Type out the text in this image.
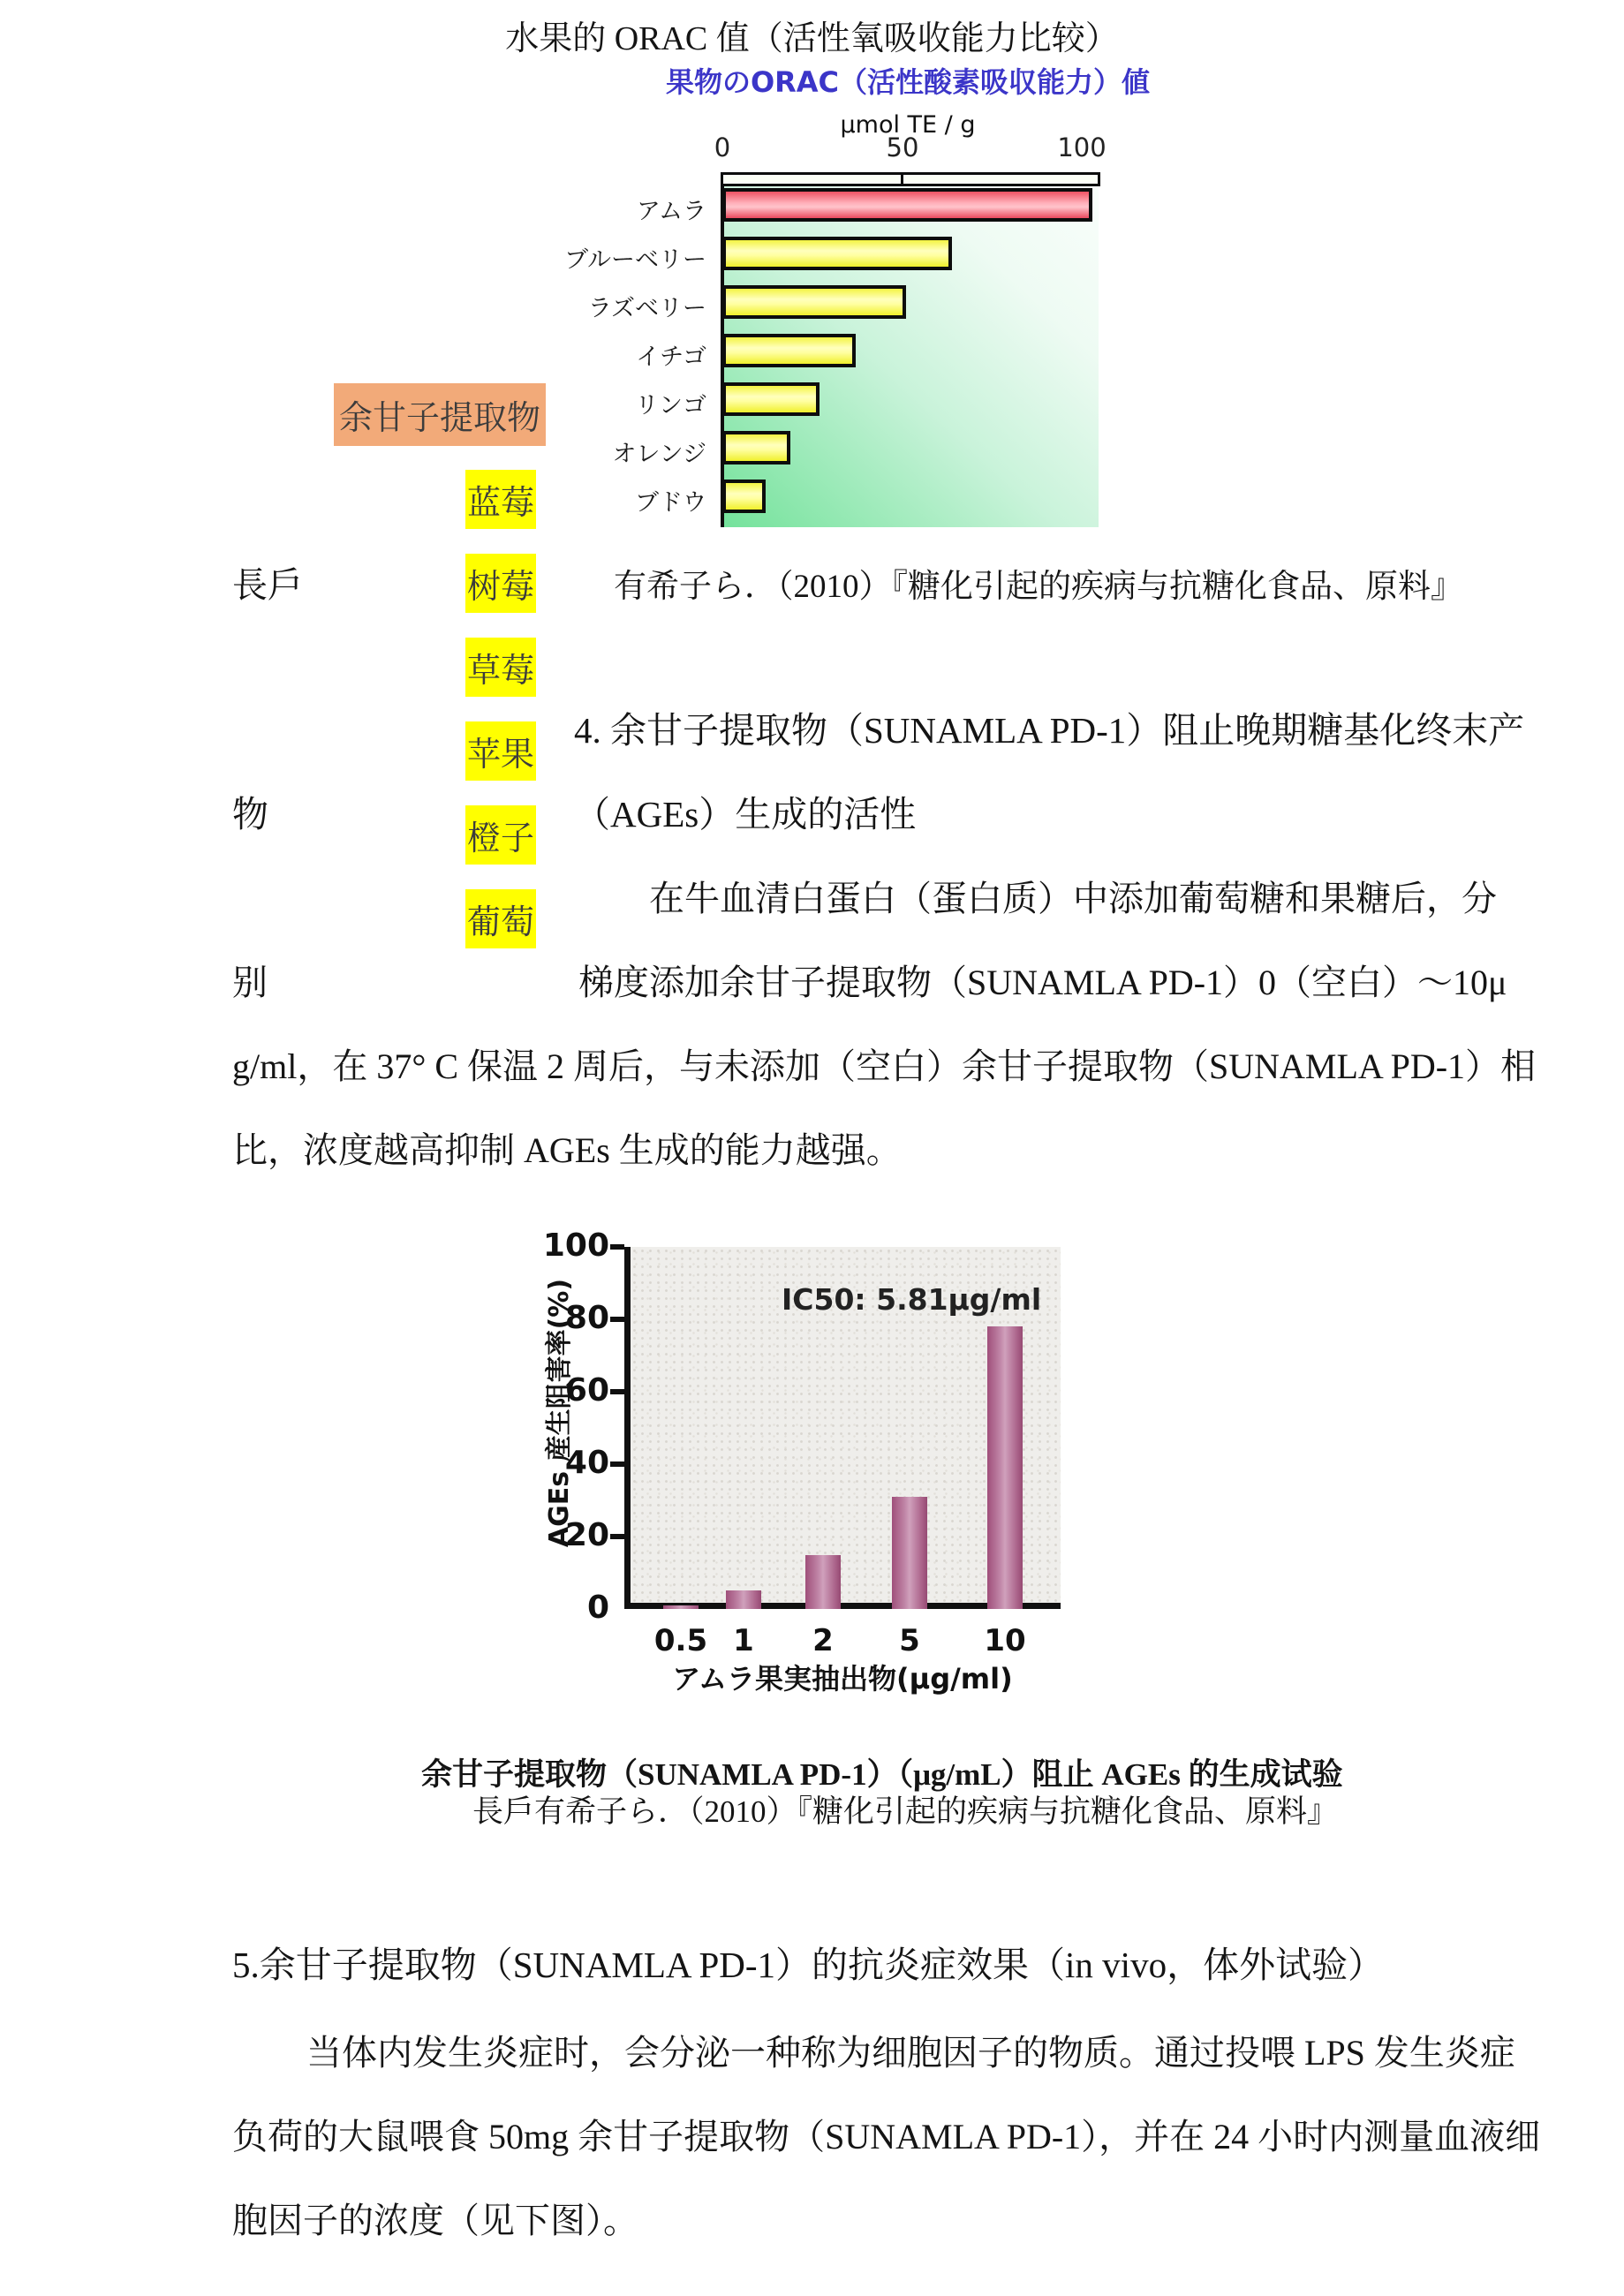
水果的 ORAC 值（活性氧吸收能力比较）
果物のORAC（活性酸素吸収能力）値
μmol TE / g
0	50	100
アムラ
ブルーベリー
ラズベリー
イチゴ
リンゴ
オレンジ
ブドウ
余甘子提取物
蓝莓
树莓
草莓
苹果
橙子
葡萄
長戶	有希子ら．（2010）『糖化引起的疾病与抗糖化食品、原料』
4. 余甘子提取物（SUNAMLA PD-1）阻止晚期糖基化终末产
物	（AGEs）生成的活性
在牛血清白蛋白（蛋白质）中添加葡萄糖和果糖后，分
别	梯度添加余甘子提取物（SUNAMLA PD-1）0（空白）～10μ
g/ml，在 37° C 保温 2 周后，与未添加（空白）余甘子提取物（SUNAMLA PD-1）相
比，浓度越高抑制 AGEs 生成的能力越强。
AGEs 産生阻害率(%)	IC50: 5.81μg/ml
アムラ果実抽出物(μg/ml)
0
20
40
60
80
100
0.5 1 2 5 10
余甘子提取物（SUNAMLA PD-1）（μg/mL）阻止 AGEs 的生成试验
長戶有希子ら．（2010）『糖化引起的疾病与抗糖化食品、原料』
5.余甘子提取物（SUNAMLA PD-1）的抗炎症效果（in vivo，体外试验）
当体内发生炎症时，会分泌一种称为细胞因子的物质。通过投喂 LPS 发生炎症
负荷的大鼠喂食 50mg 余甘子提取物（SUNAMLA PD-1），并在 24 小时内测量血液细
胞因子的浓度（见下图）。
